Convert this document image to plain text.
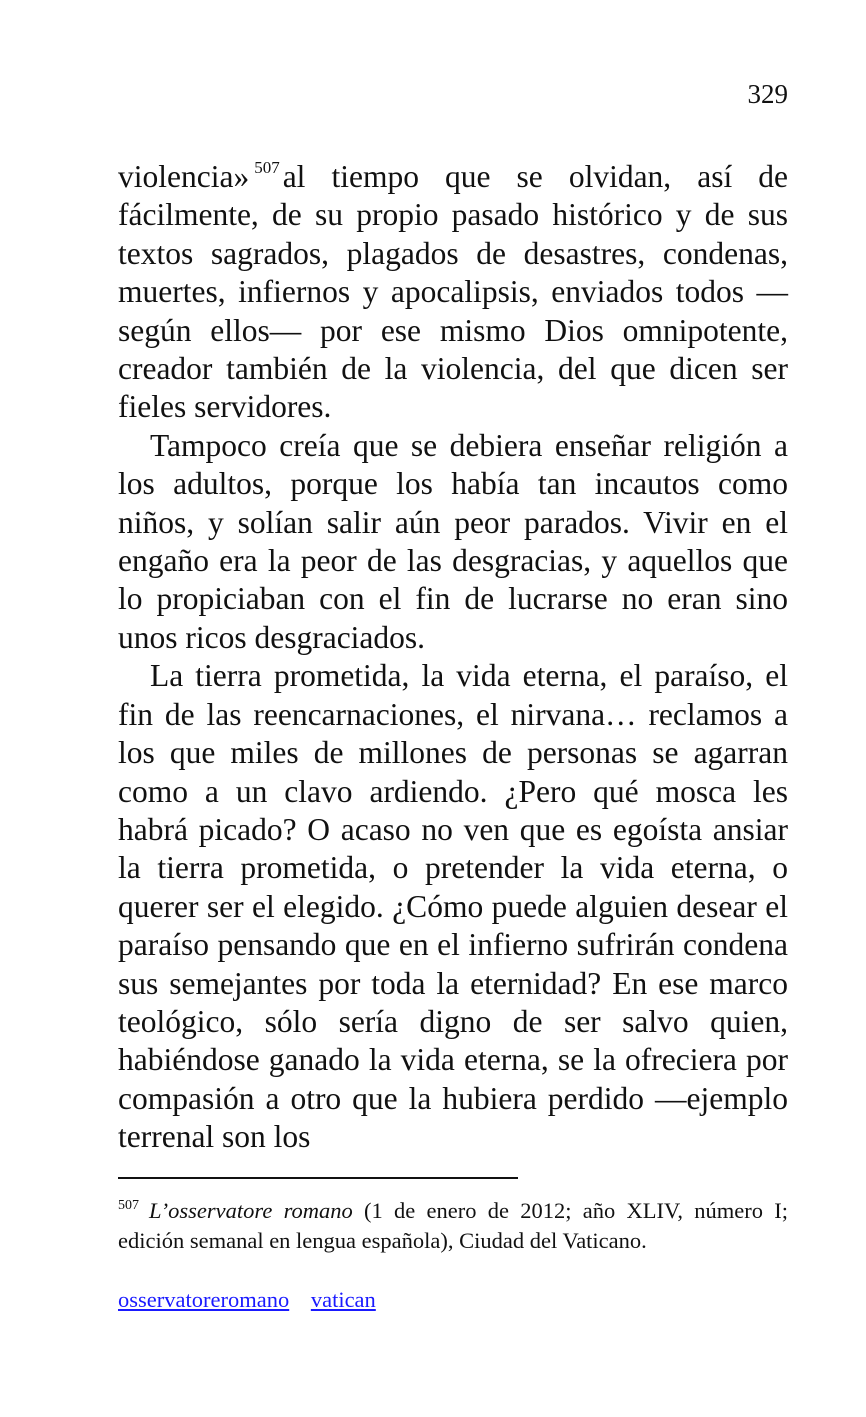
329

violencia» $^{507}$al tiempo que se olvidan, así de fácilmente, de su propio pasado histórico y de sus textos sagrados, plagados de desastres, condenas, muertes, infiernos y apocalipsis, enviados todos —según ellos— por ese mismo Dios omnipotente, creador también de la violencia, del que dicen ser fieles servidores.

Tampoco creía que se debiera enseñar religión a los adultos, porque los había tan incautos como niños, y solían salir aún peor parados. Vivir en el engaño era la peor de las desgracias, y aquellos que lo propiciaban con el fin de lucrarse no eran sino unos ricos desgraciados.

La tierra prometida, la vida eterna, el paraíso, el fin de las reencarnaciones, el nirvana… reclamos a los que miles de millones de personas se agarran como a un clavo ardiendo. ¿Pero qué mosca les habrá picado? O acaso no ven que es egoísta ansiar la tierra prometida, o pretender la vida eterna, o querer ser el elegido. ¿Cómo puede alguien desear el paraíso pensando que en el infierno sufrirán condena sus semejantes por toda la eternidad? En ese marco teológico, sólo sería digno de ser salvo quien, habiéndose ganado la vida eterna, se la ofreciera por compasión a otro que la hubiera perdido —ejemplo terrenal son los

$^{507}$ L’osservatore romano (1 de enero de 2012; año XLIV, número I; edición semanal en lengua española), Ciudad del Vaticano.
osservatoreromano vatican
